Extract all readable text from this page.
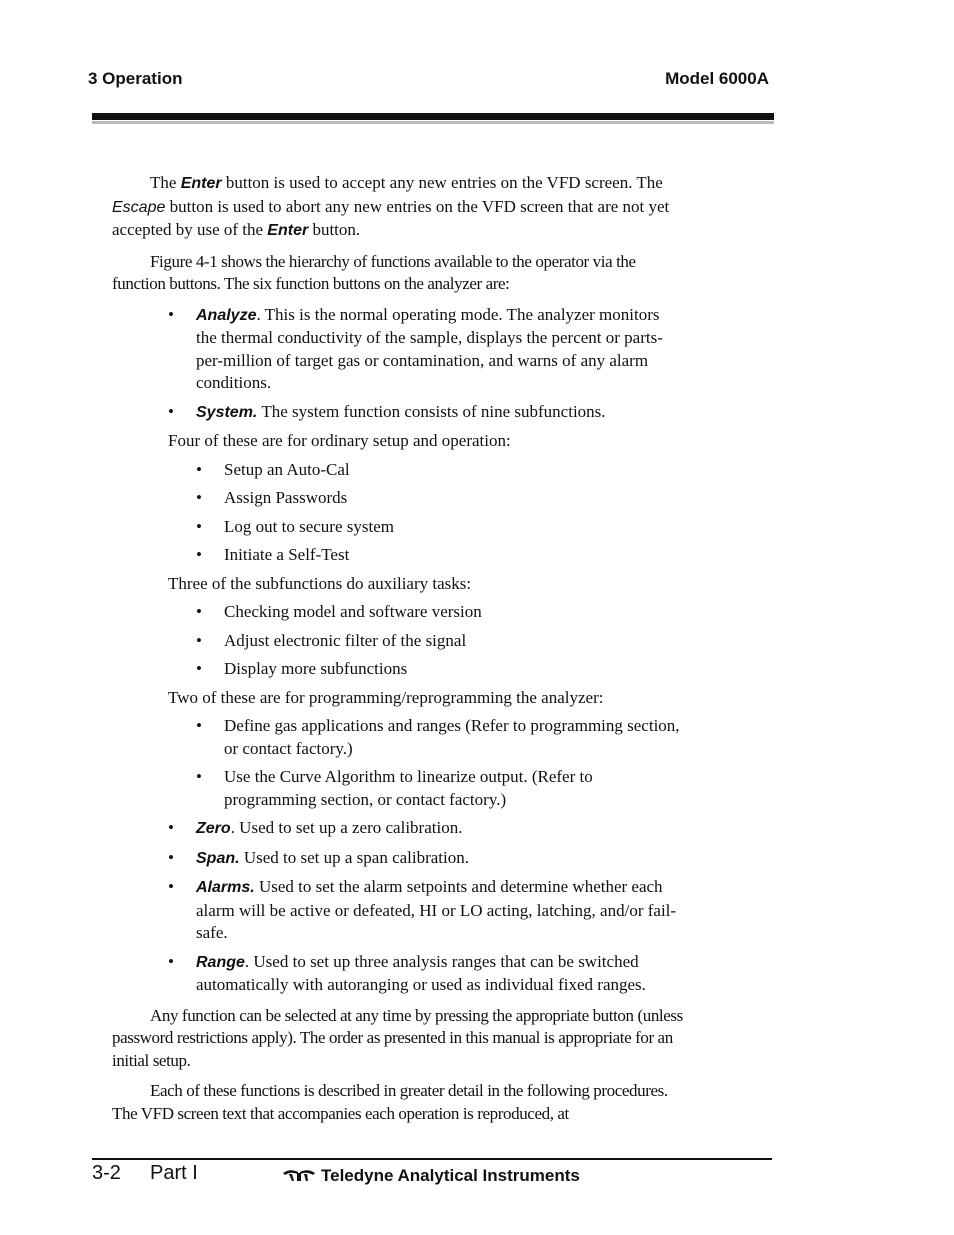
3 Operation	Model 6000A

The Enter button is used to accept any new entries on the VFD screen. The Escape button is used to abort any new entries on the VFD screen that are not yet accepted by use of the Enter button.

Figure 4-1 shows the hierarchy of functions available to the operator via the function buttons. The six function buttons on the analyzer are:

• Analyze. This is the normal operating mode. The analyzer monitors the thermal conductivity of the sample, displays the percent or parts-per-million of target gas or contamination, and warns of any alarm conditions.
• System. The system function consists of nine subfunctions.
Four of these are for ordinary setup and operation:
• Setup an Auto-Cal
• Assign Passwords
• Log out to secure system
• Initiate a Self-Test
Three of the subfunctions do auxiliary tasks:
• Checking model and software version
• Adjust electronic filter of the signal
• Display more subfunctions
Two of these are for programming/reprogramming the analyzer:
• Define gas applications and ranges (Refer to programming section, or contact factory.)
• Use the Curve Algorithm to linearize output. (Refer to programming section, or contact factory.)
• Zero. Used to set up a zero calibration.
• Span. Used to set up a span calibration.
• Alarms. Used to set the alarm setpoints and determine whether each alarm will be active or defeated, HI or LO acting, latching, and/or fail-safe.
• Range. Used to set up three analysis ranges that can be switched automatically with autoranging or used as individual fixed ranges.

Any function can be selected at any time by pressing the appropriate button (unless password restrictions apply). The order as presented in this manual is appropriate for an initial setup.

Each of these functions is described in greater detail in the following procedures. The VFD screen text that accompanies each operation is reproduced, at

3-2 Part I	Teledyne Analytical Instruments
